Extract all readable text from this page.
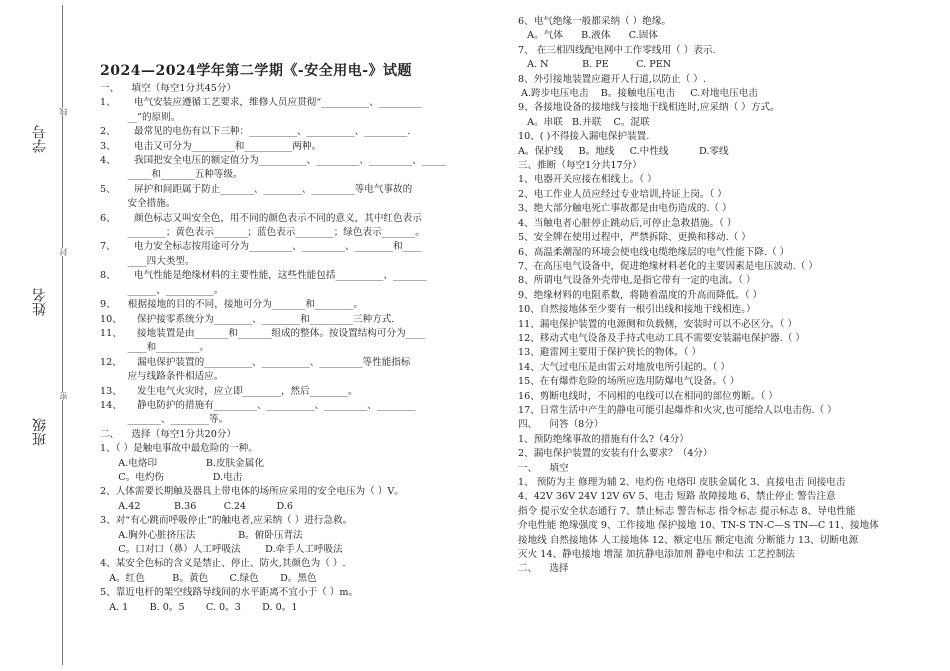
学号
姓名
班级
线
封
密

2024—2024学年第二学期《-安全用电-》试题

一、    填空（每空1分共45分）

1、      电气安装应遵循工艺要求，维修人员应贯彻“__________、_________

__”的原则。

2、      最常见的电伤有以下三种：__________、__________、_________.

3、      电击又可分为_________和__________两种。

4、      我国把安全电压的额定值分为__________、_________、_________、_____

_____和_______五种等级。

5、      屏护和间距属于防止_______、________、_________等电气事故的

安全措施。

6、      颜色标志又叫安全色，用不同的颜色表示不同的意义，其中红色表示

________；黄色表示_______；蓝色表示________；绿色表示_______。

7、      电力安全标志按用途可分为_________、_________、________和____

____四大类型。

8、      电气性能是绝缘材料的主要性能，这些性能包括__________、_______

______、__________。

9、    根据接地的目的不同，接地可分为_______和________。

10、     保护接零系统分为________、________和_________三种方式.

11、     接地装置是由_______和_______组成的整体。按设置结构可分为____

____和_________。

12、     漏电保护装置的__________、__________、_________等性能指标

应与线路条件相适应。

13、     发生电气火灾时，应立即________，然后________。

14、     静电防护的措施有_________、__________、_________、________

_______、________等。

二、    选择（每空1分共20分）

1、（ ）是触电事故中最危险的一种。

A.电烙印                B.皮肤金属化

C。电灼伤                D.电击

2、人体需要长期触及器具上带电体的场所应采用的安全电压为（ ）V。

A.42           B.36         C.24          D.6

3、对“有心跳而呼吸停止”的触电者,应采纳（ ）进行急救。

A.胸外心脏挤压法              B。俯卧压背法

C。口对口（鼻）人工呼吸法        D.牵手人工呼吸法

4、某安全色标的含义是禁止、停止、防火,其颜色为（ ）.

A。红色         B。黄色       C.绿色       D。黑色

5、靠近电杆的架空线路导线间的水平距离不宜小于（ ）m。

A. 1       B. 0。5       C. 0。3       D. 0。1

6、电气绝缘一般都采纳（ ）绝缘。

A。气体      B.液体      C.固体

7、 在三相四线配电网中工作零线用（ ）表示.

A. N           B. PE         C. PEN

8、外引接地装置应避开人行道,以防止（ ）.

A.跨步电压电击    B。接触电压电击     C.对地电压电击

9、各接地设备的接地线与接地干线相连时,应采纳（ ）方式。

A。串联   B.并联    C。混联

10、( )不得接入漏电保护装置.

A。保护线     B。地线     C.中性线          D.零线

三、推断（每空1分共17分）

1、电器开关应接在相线上。（ ）

2、电工作业人员应经过专业培训,持证上岗。（ ）

3、绝大部分触电死亡事故都是由电伤造成的.（ ）

4、当触电者心脏停止跳动后,可停止急救措施。（ ）

5、安全牌在使用过程中，严禁拆除、更换和移动.（ ）

6、高温柔潮湿的环境会使电线电缆绝缘层的电气性能下降.（ ）

7、在高压电气设备中，促进绝缘材料老化的主要因素是电压波动.（ ）

8、所谓电气设备外壳带电,是指它带有一定的电流。（ ）

9、绝缘材料的电阻系数，将随着温度的升高而降低。（ ）

10、自然接地体至少要有一根引出线和接地干线相连。）

11、漏电保护装置的电源侧和负载侧，安装时可以不必区分。（ ）

12、移动式电气设备及手持式电动工具不需要安装漏电保护器.（ ）

13、避雷网主要用于保护狭长的物体。（ ）

14、大气过电压是由雷云对地放电所引起的。（ ）

15、在有爆炸危险的场所应选用防爆电气设备。（ ）

16、剪断电线时，不同相的电线可以在相同的部位剪断。（ ）

17、日常生活中产生的静电可能引起爆炸和火灾,也可能给人以电击伤.（ ）

四、    问答（8分）

1、预防绝缘事故的措施有什么?（4分）

2、漏电保护装置的安装有什么要求？（4分）

一、    填空

1、 预防为主 修理为辅 2、电灼伤 电烙印 皮肤金属化 3、直接电击 间接电击

4、42V 36V 24V 12V 6V 5、电击 短路 故障接地 6、禁止停止 警告注意

指令 提示安全状态通行 7、禁止标志 警告标志 指令标志 提示标志 8、导电性能

介电性能 绝缘强度 9、工作接地 保护接地 10、TN-S TN-C—S TN—C 11、接地体

接地线 自然接地体 人工接地体 12、额定电压 额定电流 分断能力 13、切断电源

灭火 14、静电接地 增湿 加抗静电添加剂 静电中和法 工艺控制法

二、    选择
